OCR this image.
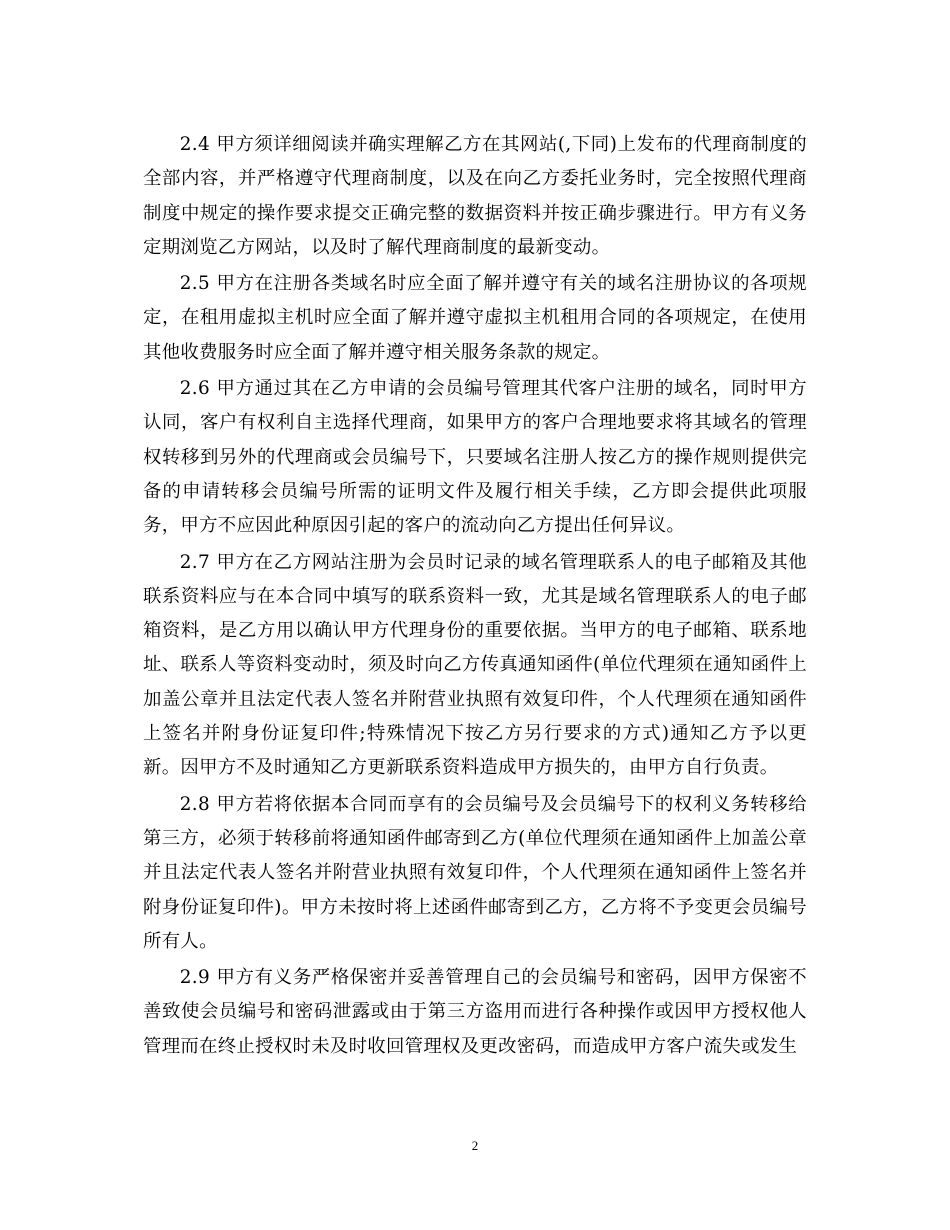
2.4 甲方须详细阅读并确实理解乙方在其网站(,下同)上发布的代理商制度的全部内容，并严格遵守代理商制度，以及在向乙方委托业务时，完全按照代理商制度中规定的操作要求提交正确完整的数据资料并按正确步骤进行。甲方有义务定期浏览乙方网站，以及时了解代理商制度的最新变动。

2.5 甲方在注册各类域名时应全面了解并遵守有关的域名注册协议的各项规定，在租用虚拟主机时应全面了解并遵守虚拟主机租用合同的各项规定，在使用其他收费服务时应全面了解并遵守相关服务条款的规定。

2.6 甲方通过其在乙方申请的会员编号管理其代客户注册的域名，同时甲方认同，客户有权利自主选择代理商，如果甲方的客户合理地要求将其域名的管理权转移到另外的代理商或会员编号下，只要域名注册人按乙方的操作规则提供完备的申请转移会员编号所需的证明文件及履行相关手续，乙方即会提供此项服务，甲方不应因此种原因引起的客户的流动向乙方提出任何异议。

2.7 甲方在乙方网站注册为会员时记录的域名管理联系人的电子邮箱及其他联系资料应与在本合同中填写的联系资料一致，尤其是域名管理联系人的电子邮箱资料，是乙方用以确认甲方代理身份的重要依据。当甲方的电子邮箱、联系地址、联系人等资料变动时，须及时向乙方传真通知函件(单位代理须在通知函件上加盖公章并且法定代表人签名并附营业执照有效复印件，个人代理须在通知函件上签名并附身份证复印件;特殊情况下按乙方另行要求的方式)通知乙方予以更新。因甲方不及时通知乙方更新联系资料造成甲方损失的，由甲方自行负责。

2.8 甲方若将依据本合同而享有的会员编号及会员编号下的权利义务转移给第三方，必须于转移前将通知函件邮寄到乙方(单位代理须在通知函件上加盖公章并且法定代表人签名并附营业执照有效复印件，个人代理须在通知函件上签名并附身份证复印件)。甲方未按时将上述函件邮寄到乙方，乙方将不予变更会员编号所有人。

2.9 甲方有义务严格保密并妥善管理自己的会员编号和密码，因甲方保密不善致使会员编号和密码泄露或由于第三方盗用而进行各种操作或因甲方授权他人管理而在终止授权时未及时收回管理权及更改密码，而造成甲方客户流失或发生

2
